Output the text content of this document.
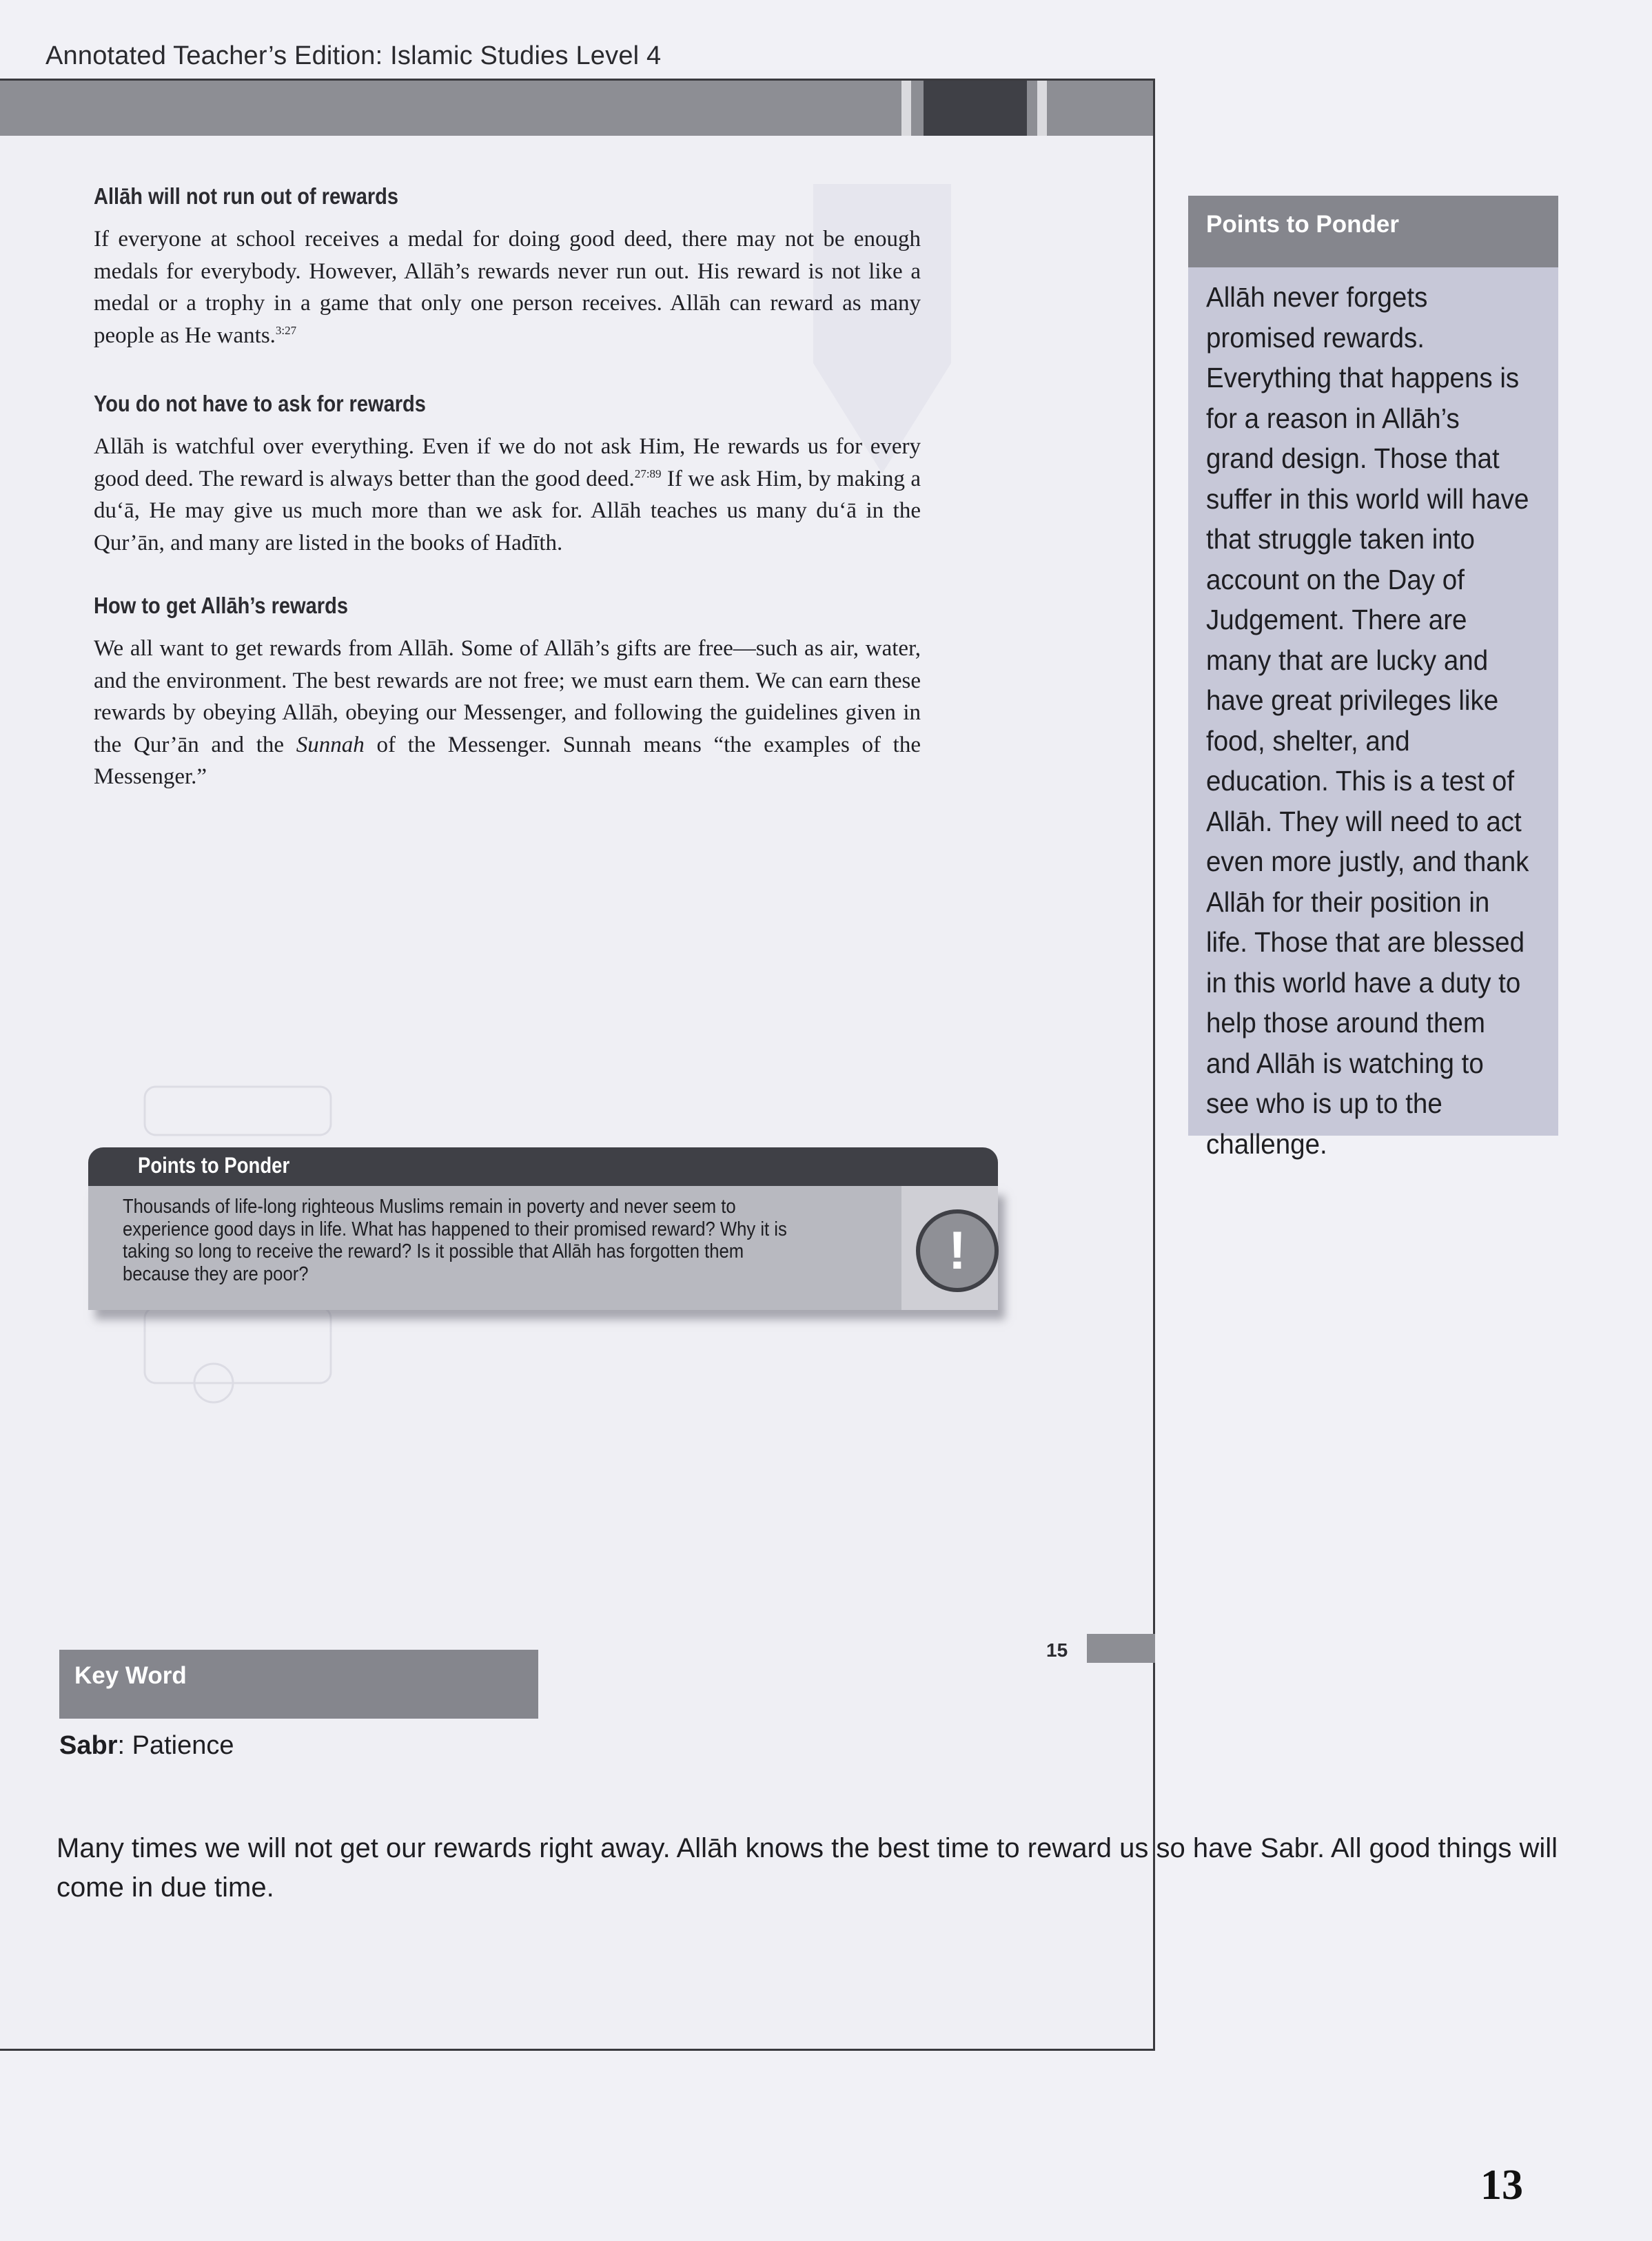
Annotated Teacher’s Edition: Islamic Studies Level 4
Allāh will not run out of rewards
If everyone at school receives a medal for doing good deed, there may not be enough medals for everybody. However, Allāh’s rewards never run out. His reward is not like a medal or a trophy in a game that only one person receives. Allāh can reward as many people as He wants.$^{3:27}$
You do not have to ask for rewards
Allāh is watchful over everything. Even if we do not ask Him, He rewards us for every good deed. The reward is always better than the good deed.$^{27:89}$ If we ask Him, by making a du‘ā, He may give us much more than we ask for. Allāh teaches us many du‘ā in the Qur’ān, and many are listed in the books of Hadīth.
How to get Allāh’s rewards
We all want to get rewards from Allāh. Some of Allāh’s gifts are free—such as air, water, and the environment. The best rewards are not free; we must earn them. We can earn these rewards by obeying Allāh, obeying our Messenger, and following the guidelines given in the Qur’ān and the Sunnah of the Messenger. Sunnah means “the examples of the Messenger.”
Points to Ponder
Thousands of life-long righteous Muslims remain in poverty and never seem to experience good days in life. What has happened to their promised reward? Why it is taking so long to receive the reward? Is it possible that Allāh has forgotten them because they are poor?	!
15
Points to Ponder
Allāh never forgets promised rewards. Everything that happens is for a reason in Allāh’s grand design. Those that suffer in this world will have that struggle taken into account on the Day of Judgement. There are many that are lucky and have great privileges like food, shelter, and education. This is a test of Allāh. They will need to act even more justly, and thank Allāh for their position in life. Those that are blessed in this world have a duty to help those around them and Allāh is watching to see who is up to the challenge.
Key Word
Sabr: Patience
Many times we will not get our rewards right away. Allāh knows the best time to reward us so have Sabr. All good things will come in due time.
13
